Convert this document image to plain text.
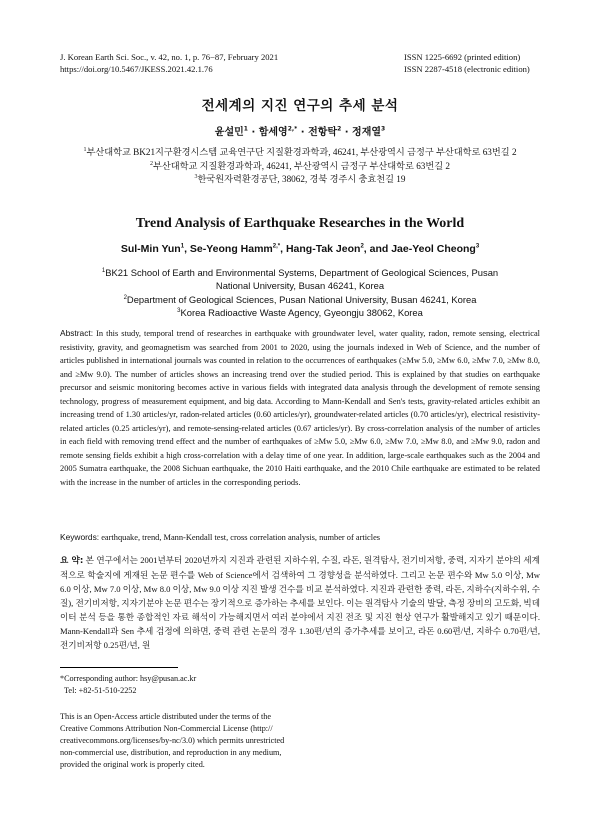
J. Korean Earth Sci. Soc., v. 42, no. 1, p. 76−87, February 2021
https://doi.org/10.5467/JKESS.2021.42.1.76
ISSN 1225-6692 (printed edition)
ISSN 2287-4518 (electronic edition)
전세계의 지진 연구의 추세 분석
윤설민$^1$ · 함세영$^{2,*}$ · 전항탁$^2$ · 정재열$^3$
$^1$부산대학교 BK21지구환경시스템 교육연구단 지질환경과학과, 46241, 부산광역시 금정구 부산대학로 63번길 2
$^2$부산대학교 지질환경과학과, 46241, 부산광역시 금정구 부산대학로 63번길 2
$^3$한국원자력환경공단, 38062, 경북 경주시 충효천길 19
Trend Analysis of Earthquake Researches in the World
Sul-Min Yun$^1$, Se-Yeong Hamm$^{2,*}$, Hang-Tak Jeon$^2$, and Jae-Yeol Cheong$^3$
$^1$BK21 School of Earth and Environmental Systems, Department of Geological Sciences, Pusan
National University, Busan 46241, Korea
$^2$Department of Geological Sciences, Pusan National University, Busan 46241, Korea
$^3$Korea Radioactive Waste Agency, Gyeongju 38062, Korea
Abstract: In this study, temporal trend of researches in earthquake with groundwater level, water quality, radon, remote sensing, electrical resistivity, gravity, and geomagnetism was searched from 2001 to 2020, using the journals indexed in Web of Science, and the number of articles published in international journals was counted in relation to the occurrences of earthquakes (≥Mw 5.0, ≥Mw 6.0, ≥Mw 7.0, ≥Mw 8.0, and ≥Mw 9.0). The number of articles shows an increasing trend over the studied period. This is explained by that studies on earthquake precursor and seismic monitoring becomes active in various fields with integrated data analysis through the development of remote sensing technology, progress of measurement equipment, and big data. According to Mann-Kendall and Sen's tests, gravity-related articles exhibit an increasing trend of 1.30 articles/yr, radon-related articles (0.60 articles/yr), groundwater-related articles (0.70 articles/yr), electrical resistivity-related articles (0.25 articles/yr), and remote-sensing-related articles (0.67 articles/yr). By cross-correlation analysis of the number of articles in each field with removing trend effect and the number of earthquakes of ≥Mw 5.0, ≥Mw 6.0, ≥Mw 7.0, ≥Mw 8.0, and ≥Mw 9.0, radon and remote sensing fields exhibit a high cross-correlation with a delay time of one year. In addition, large-scale earthquakes such as the 2004 and 2005 Sumatra earthquake, the 2008 Sichuan earthquake, the 2010 Haiti earthquake, and the 2010 Chile earthquake are estimated to be related with the increase in the number of articles in the corresponding periods.
Keywords: earthquake, trend, Mann-Kendall test, cross correlation analysis, number of articles
요 약: 본 연구에서는 2001년부터 2020년까지 지진과 관련된 지하수위, 수질, 라돈, 원격탐사, 전기비저항, 중력, 지자기 분야의 세계적으로 학술지에 게재된 논문 편수를 Web of Science에서 검색하여 그 경향성을 분석하였다. 그리고 논문 편수와 Mw 5.0 이상, Mw 6.0 이상, Mw 7.0 이상, Mw 8.0 이상, Mw 9.0 이상 지진 발생 건수를 비교 분석하였다. 지진과 관련한 중력, 라돈, 지하수(지하수위, 수질), 전기비저항, 지자기분야 논문 편수는 장기적으로 증가하는 추세를 보인다. 이는 원격탐사 기술의 발달, 측정 장비의 고도화, 빅데이터 분석 등을 통한 종합적인 자료 해석이 가능해지면서 여러 분야에서 지진 전조 및 지진 현상 연구가 활발해지고 있기 때문이다. Mann-Kendall과 Sen 추세 검정에 의하면, 중력 관련 논문의 경우 1.30편/년의 증가추세를 보이고, 라돈 0.60편/년, 지하수 0.70편/년, 전기비저항 0.25편/년, 원
*Corresponding author: hsy@pusan.ac.kr
Tel: +82-51-510-2252
This is an Open-Access article distributed under the terms of the
Creative Commons Attribution Non-Commercial License (http://
creativecommons.org/licenses/by-nc/3.0) which permits unrestricted
non-commercial use, distribution, and reproduction in any medium,
provided the original work is properly cited.
